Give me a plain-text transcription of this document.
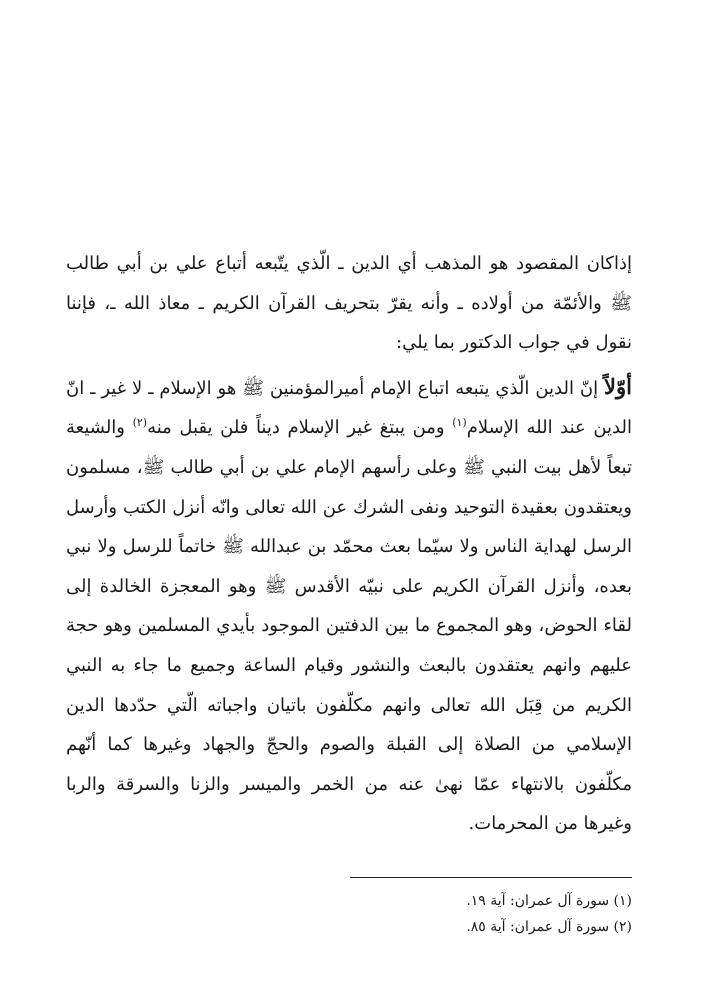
إذاكان المقصود هو المذهب أي الدين ـ الّذي يتّبعه أتباع علي بن أبي طالب ﷺ والأئمّة من أولاده ـ وأنه يقرّ بتحريف القرآن الكريم ـ معاذ الله ـ، فإننا نقول في جواب الدكتور بما يلي:

أوّلاً إنّ الدين الّذي يتبعه اتباع الإمام أميرالمؤمنين ﷺ هو الإسلام ـ لا غير ـ انّ الدين عند الله الإسلام$^{(١)}$ ومن يبتغ غير الإسلام ديناً فلن يقبل منه$^{(٢)}$ والشيعة تبعاً لأهل بيت النبي ﷺ وعلى رأسهم الإمام علي بن أبي طالب ﷺ، مسلمون ويعتقدون بعقيدة التوحيد ونفى الشرك عن الله تعالى وانّه أنزل الكتب وأرسل الرسل لهداية الناس ولا سيّما بعث محمّد بن عبدالله ﷺ خاتماً للرسل ولا نبي بعده، وأنزل القرآن الكريم على نبيّه الأقدس ﷺ وهو المعجزة الخالدة إلى لقاء الحوض، وهو المجموع ما بين الدفتين الموجود بأيدي المسلمين وهو حجة عليهم وانهم يعتقدون بالبعث والنشور وقيام الساعة وجميع ما جاء به النبي الكريم من قِبَل الله تعالى وانهم مكلّفون باتيان واجباته الّتي حدّدها الدين الإسلامي من الصلاة إلى القبلة والصوم والحجّ والجهاد وغيرها كما أنّهم مكلّفون بالانتهاء عمّا نهىٰ عنه من الخمر والميسر والزنا والسرقة والربا وغيرها من المحرمات.

(١) سورة آل عمران: آية ١٩.

(٢) سورة آل عمران: آية ٨٥.
